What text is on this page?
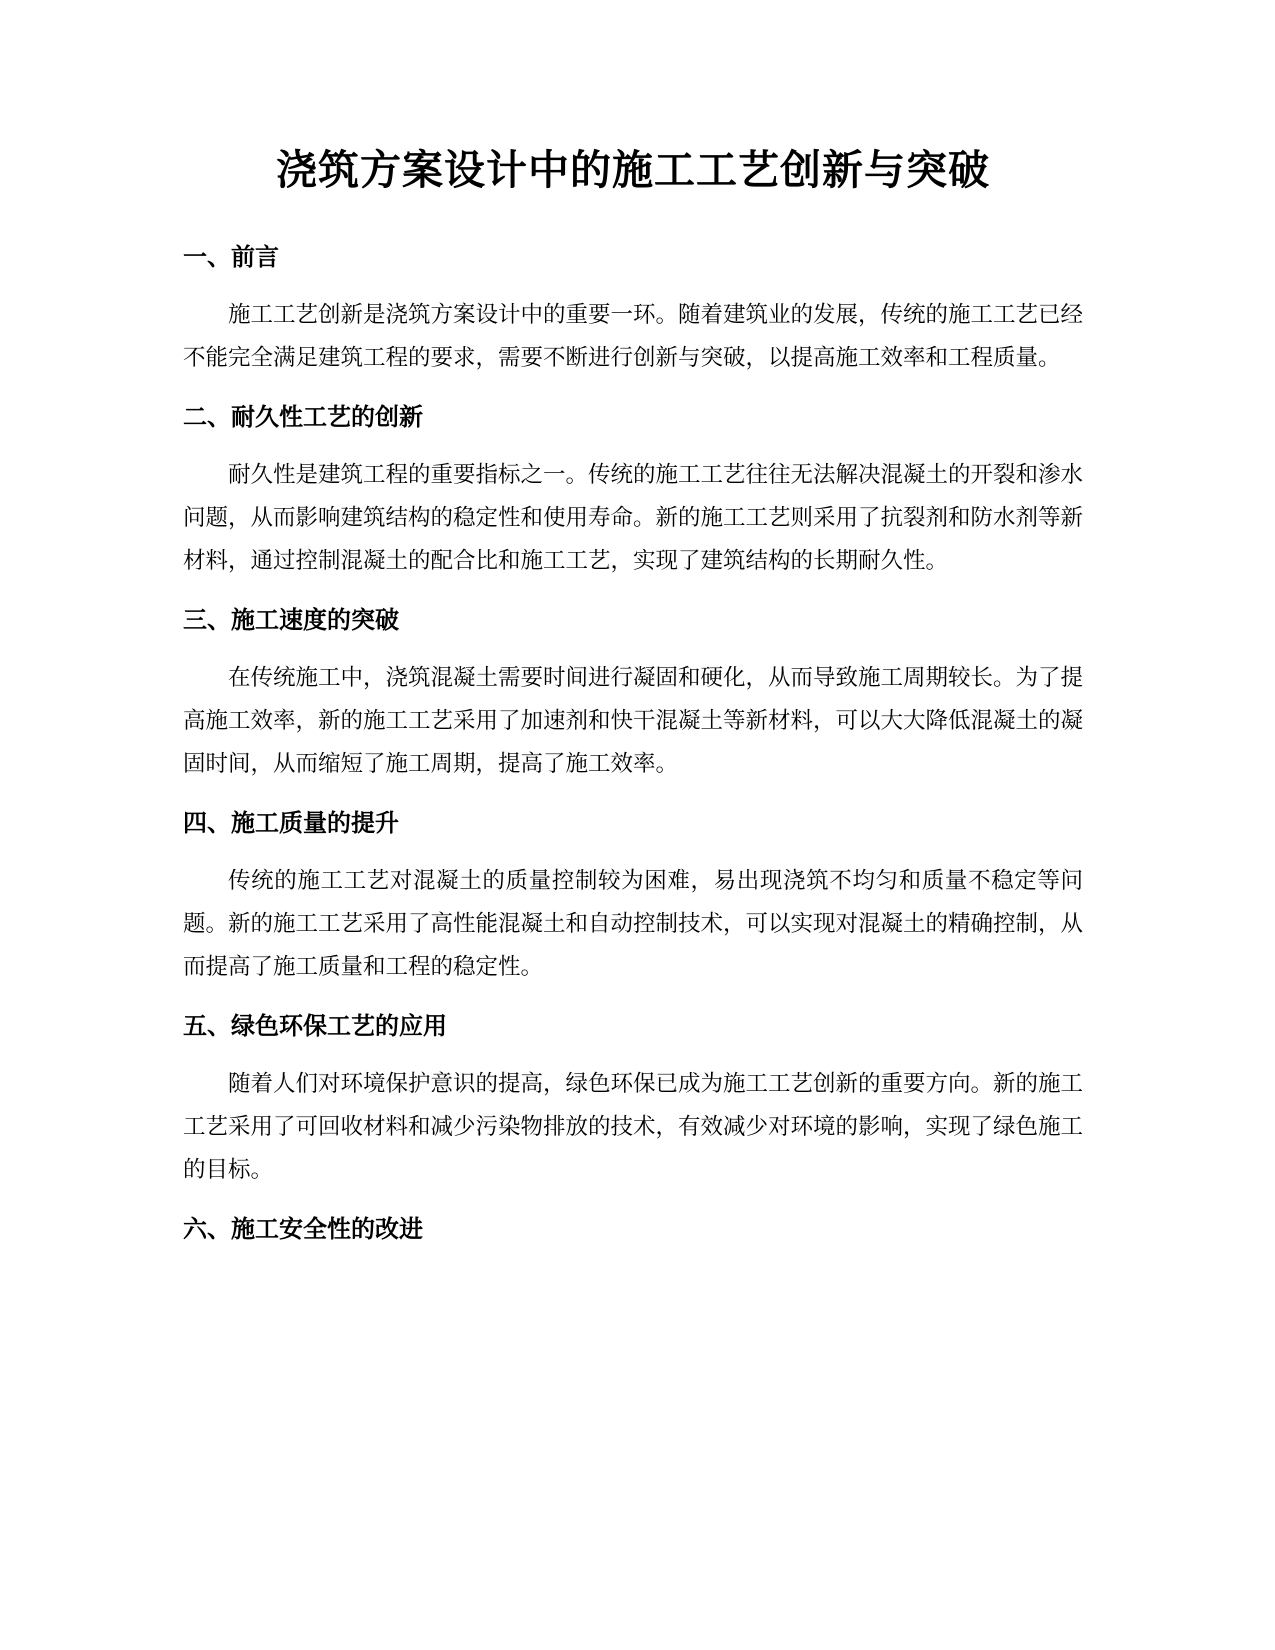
浇筑方案设计中的施工工艺创新与突破
一、前言

施工工艺创新是浇筑方案设计中的重要一环。随着建筑业的发展，传统的施工工艺已经不能完全满足建筑工程的要求，需要不断进行创新与突破，以提高施工效率和工程质量。

二、耐久性工艺的创新

耐久性是建筑工程的重要指标之一。传统的施工工艺往往无法解决混凝土的开裂和渗水问题，从而影响建筑结构的稳定性和使用寿命。新的施工工艺则采用了抗裂剂和防水剂等新材料，通过控制混凝土的配合比和施工工艺，实现了建筑结构的长期耐久性。

三、施工速度的突破

在传统施工中，浇筑混凝土需要时间进行凝固和硬化，从而导致施工周期较长。为了提高施工效率，新的施工工艺采用了加速剂和快干混凝土等新材料，可以大大降低混凝土的凝固时间，从而缩短了施工周期，提高了施工效率。

四、施工质量的提升

传统的施工工艺对混凝土的质量控制较为困难，易出现浇筑不均匀和质量不稳定等问题。新的施工工艺采用了高性能混凝土和自动控制技术，可以实现对混凝土的精确控制，从而提高了施工质量和工程的稳定性。

五、绿色环保工艺的应用

随着人们对环境保护意识的提高，绿色环保已成为施工工艺创新的重要方向。新的施工工艺采用了可回收材料和减少污染物排放的技术，有效减少对环境的影响，实现了绿色施工的目标。

六、施工安全性的改进
